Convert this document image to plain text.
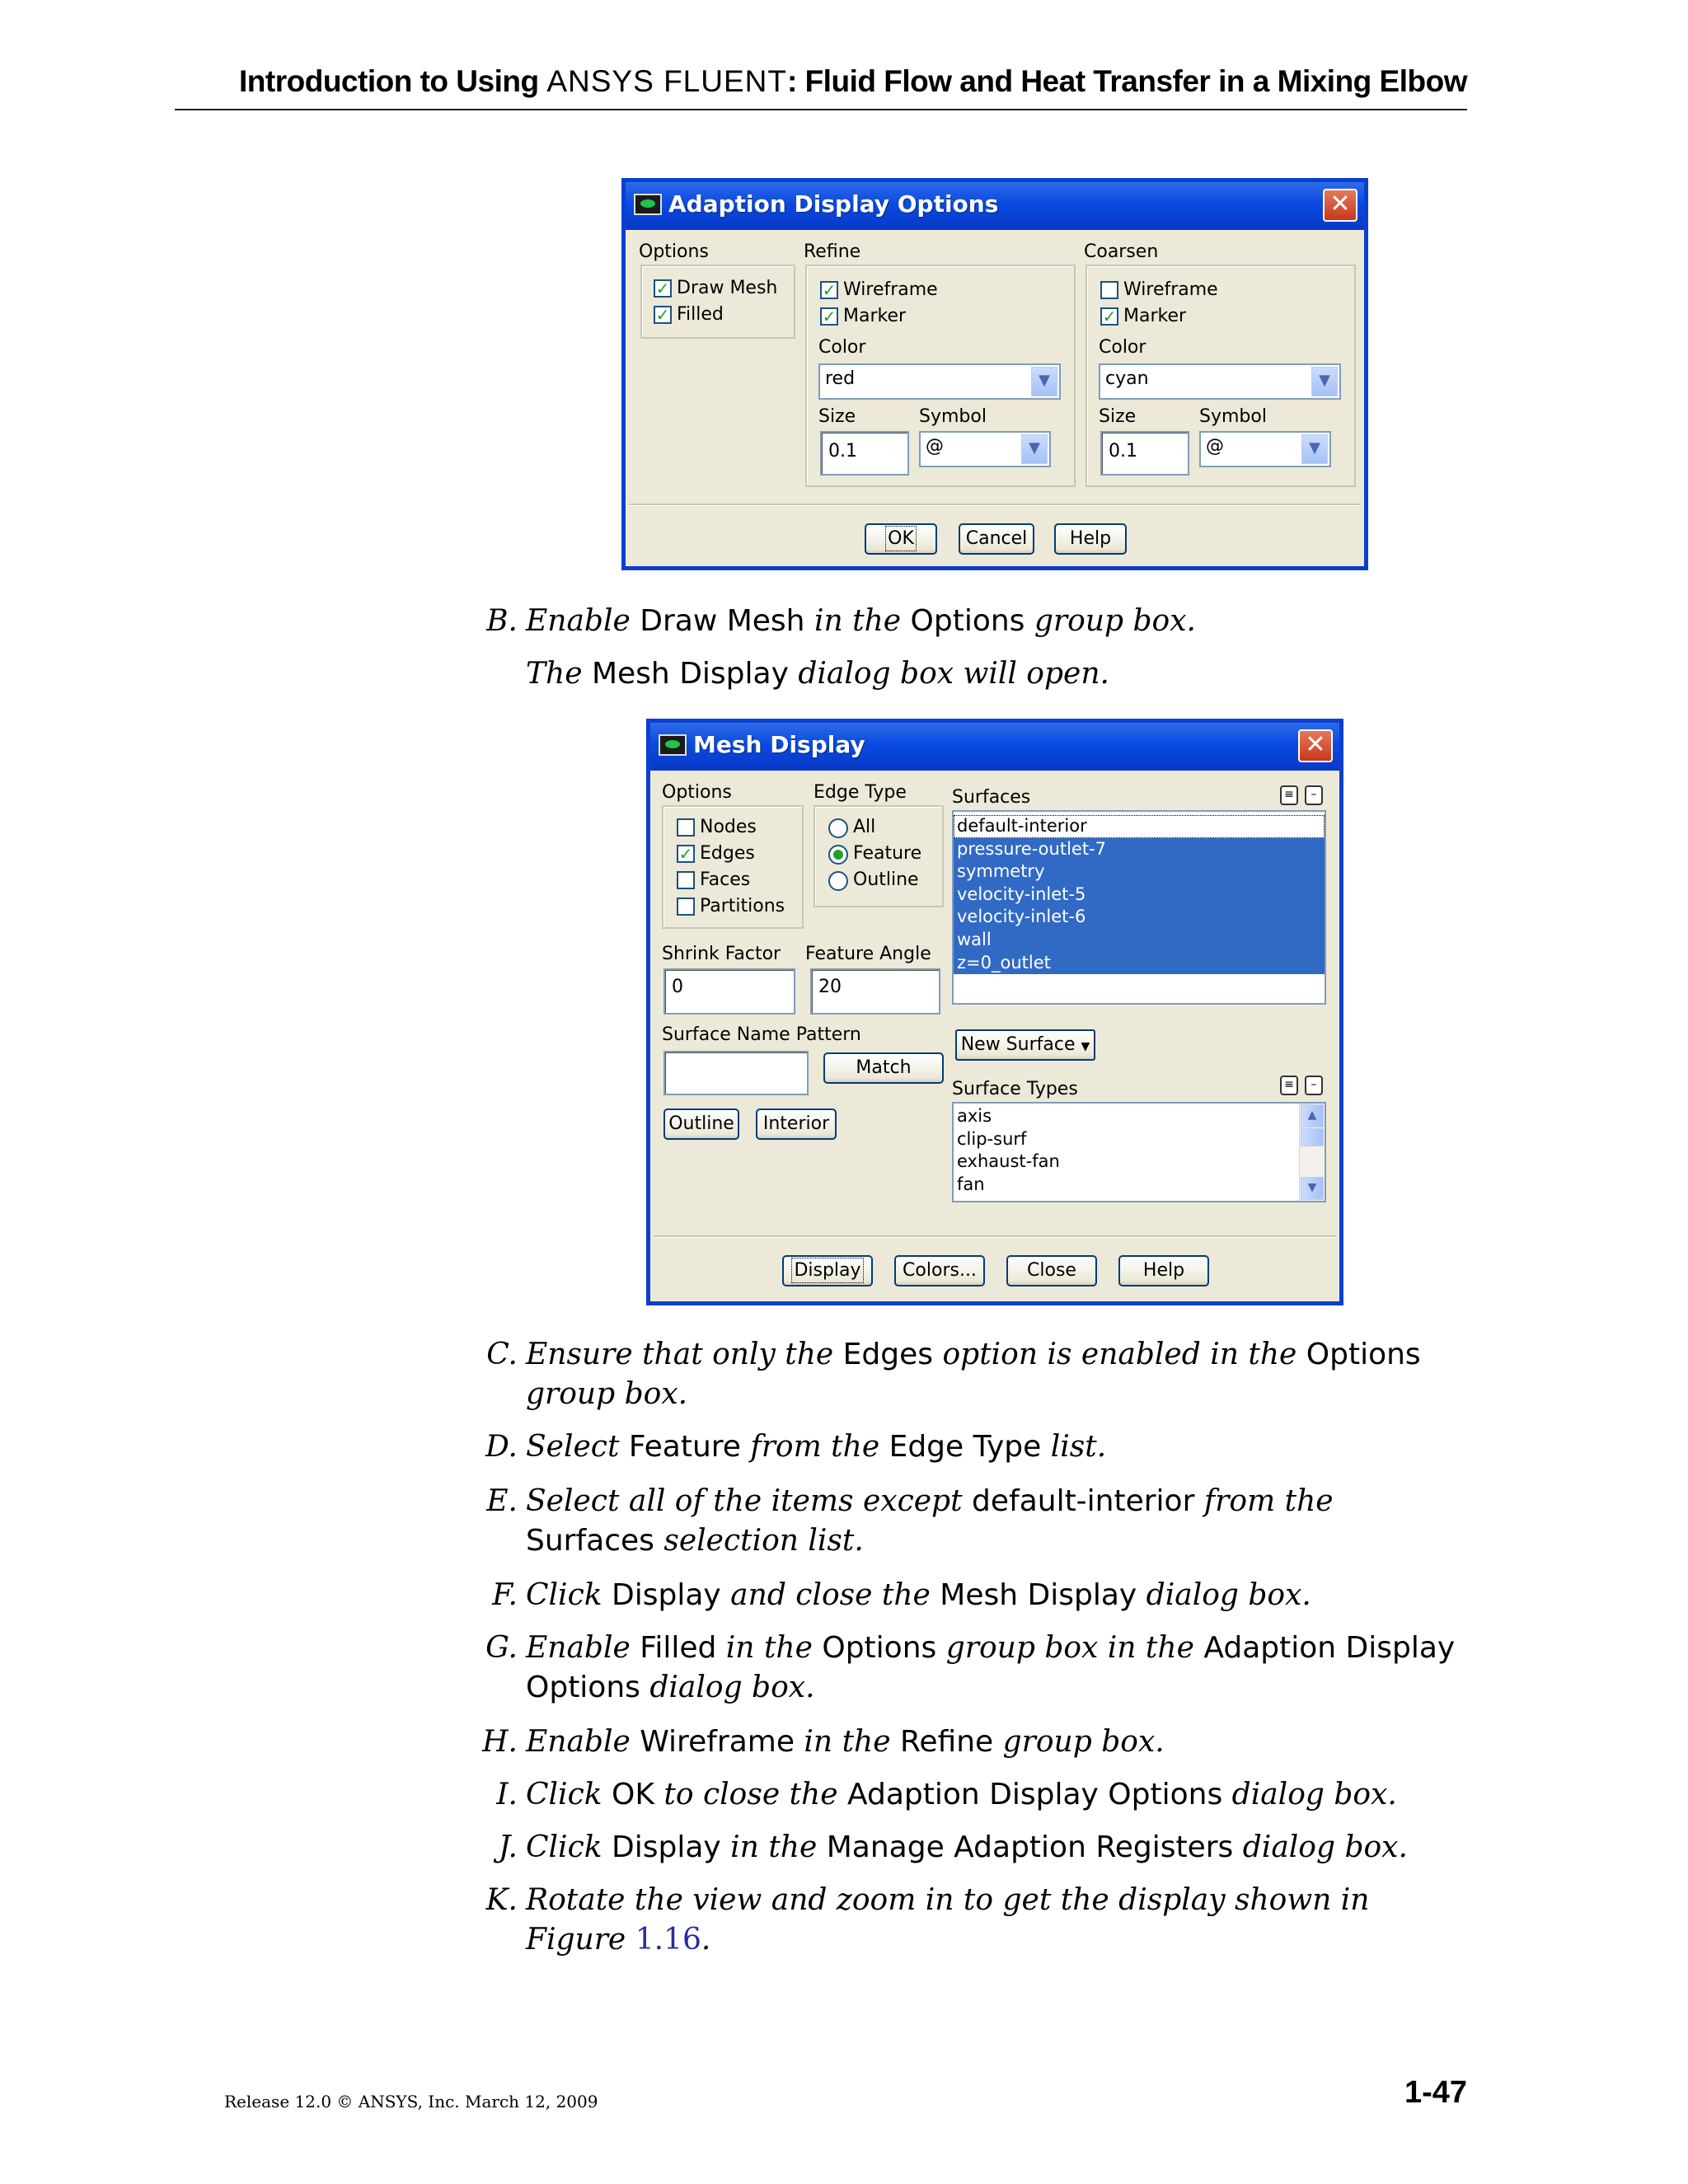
Introduction to Using ANSYS FLUENT: Fluid Flow and Heat Transfer in a Mixing Elbow
Adaption Display Options	✕
Options
✓ Draw Mesh
✓ Filled
Refine
✓ Wireframe
✓ Marker
Color
red	▼
Size	Symbol
0.1	@	▼
Coarsen
Wireframe
✓ Marker
Color
cyan	▼
Size	Symbol
0.1	@	▼
OK	Cancel	Help
B. Enable Draw Mesh in the Options group box.
The Mesh Display dialog box will open.
Mesh Display	✕
Options
Nodes
✓ Edges
Faces
Partitions
Edge Type
All
Feature
Outline
Shrink Factor Feature Angle
0	20
Surface Name Pattern
Match
Outline	Interior
Surfaces	≡	–
default-interior
pressure-outlet-7
symmetry
velocity-inlet-5
velocity-inlet-6
wall
z=0_outlet
New Surface ▼
Surface Types	≡	–
axis
clip-surf
exhaust-fan
fan
▲
▼
Display	Colors...	Close	Help
C. Ensure that only the Edges option is enabled in the Options group box.
D. Select Feature from the Edge Type list.
E. Select all of the items except default-interior from the Surfaces selection list.
F. Click Display and close the Mesh Display dialog box.
G. Enable Filled in the Options group box in the Adaption Display Options dialog box.
H. Enable Wireframe in the Refine group box.
I. Click OK to close the Adaption Display Options dialog box.
J. Click Display in the Manage Adaption Registers dialog box.
K. Rotate the view and zoom in to get the display shown in Figure 1.16.
Release 12.0 © ANSYS, Inc. March 12, 2009	1-47
